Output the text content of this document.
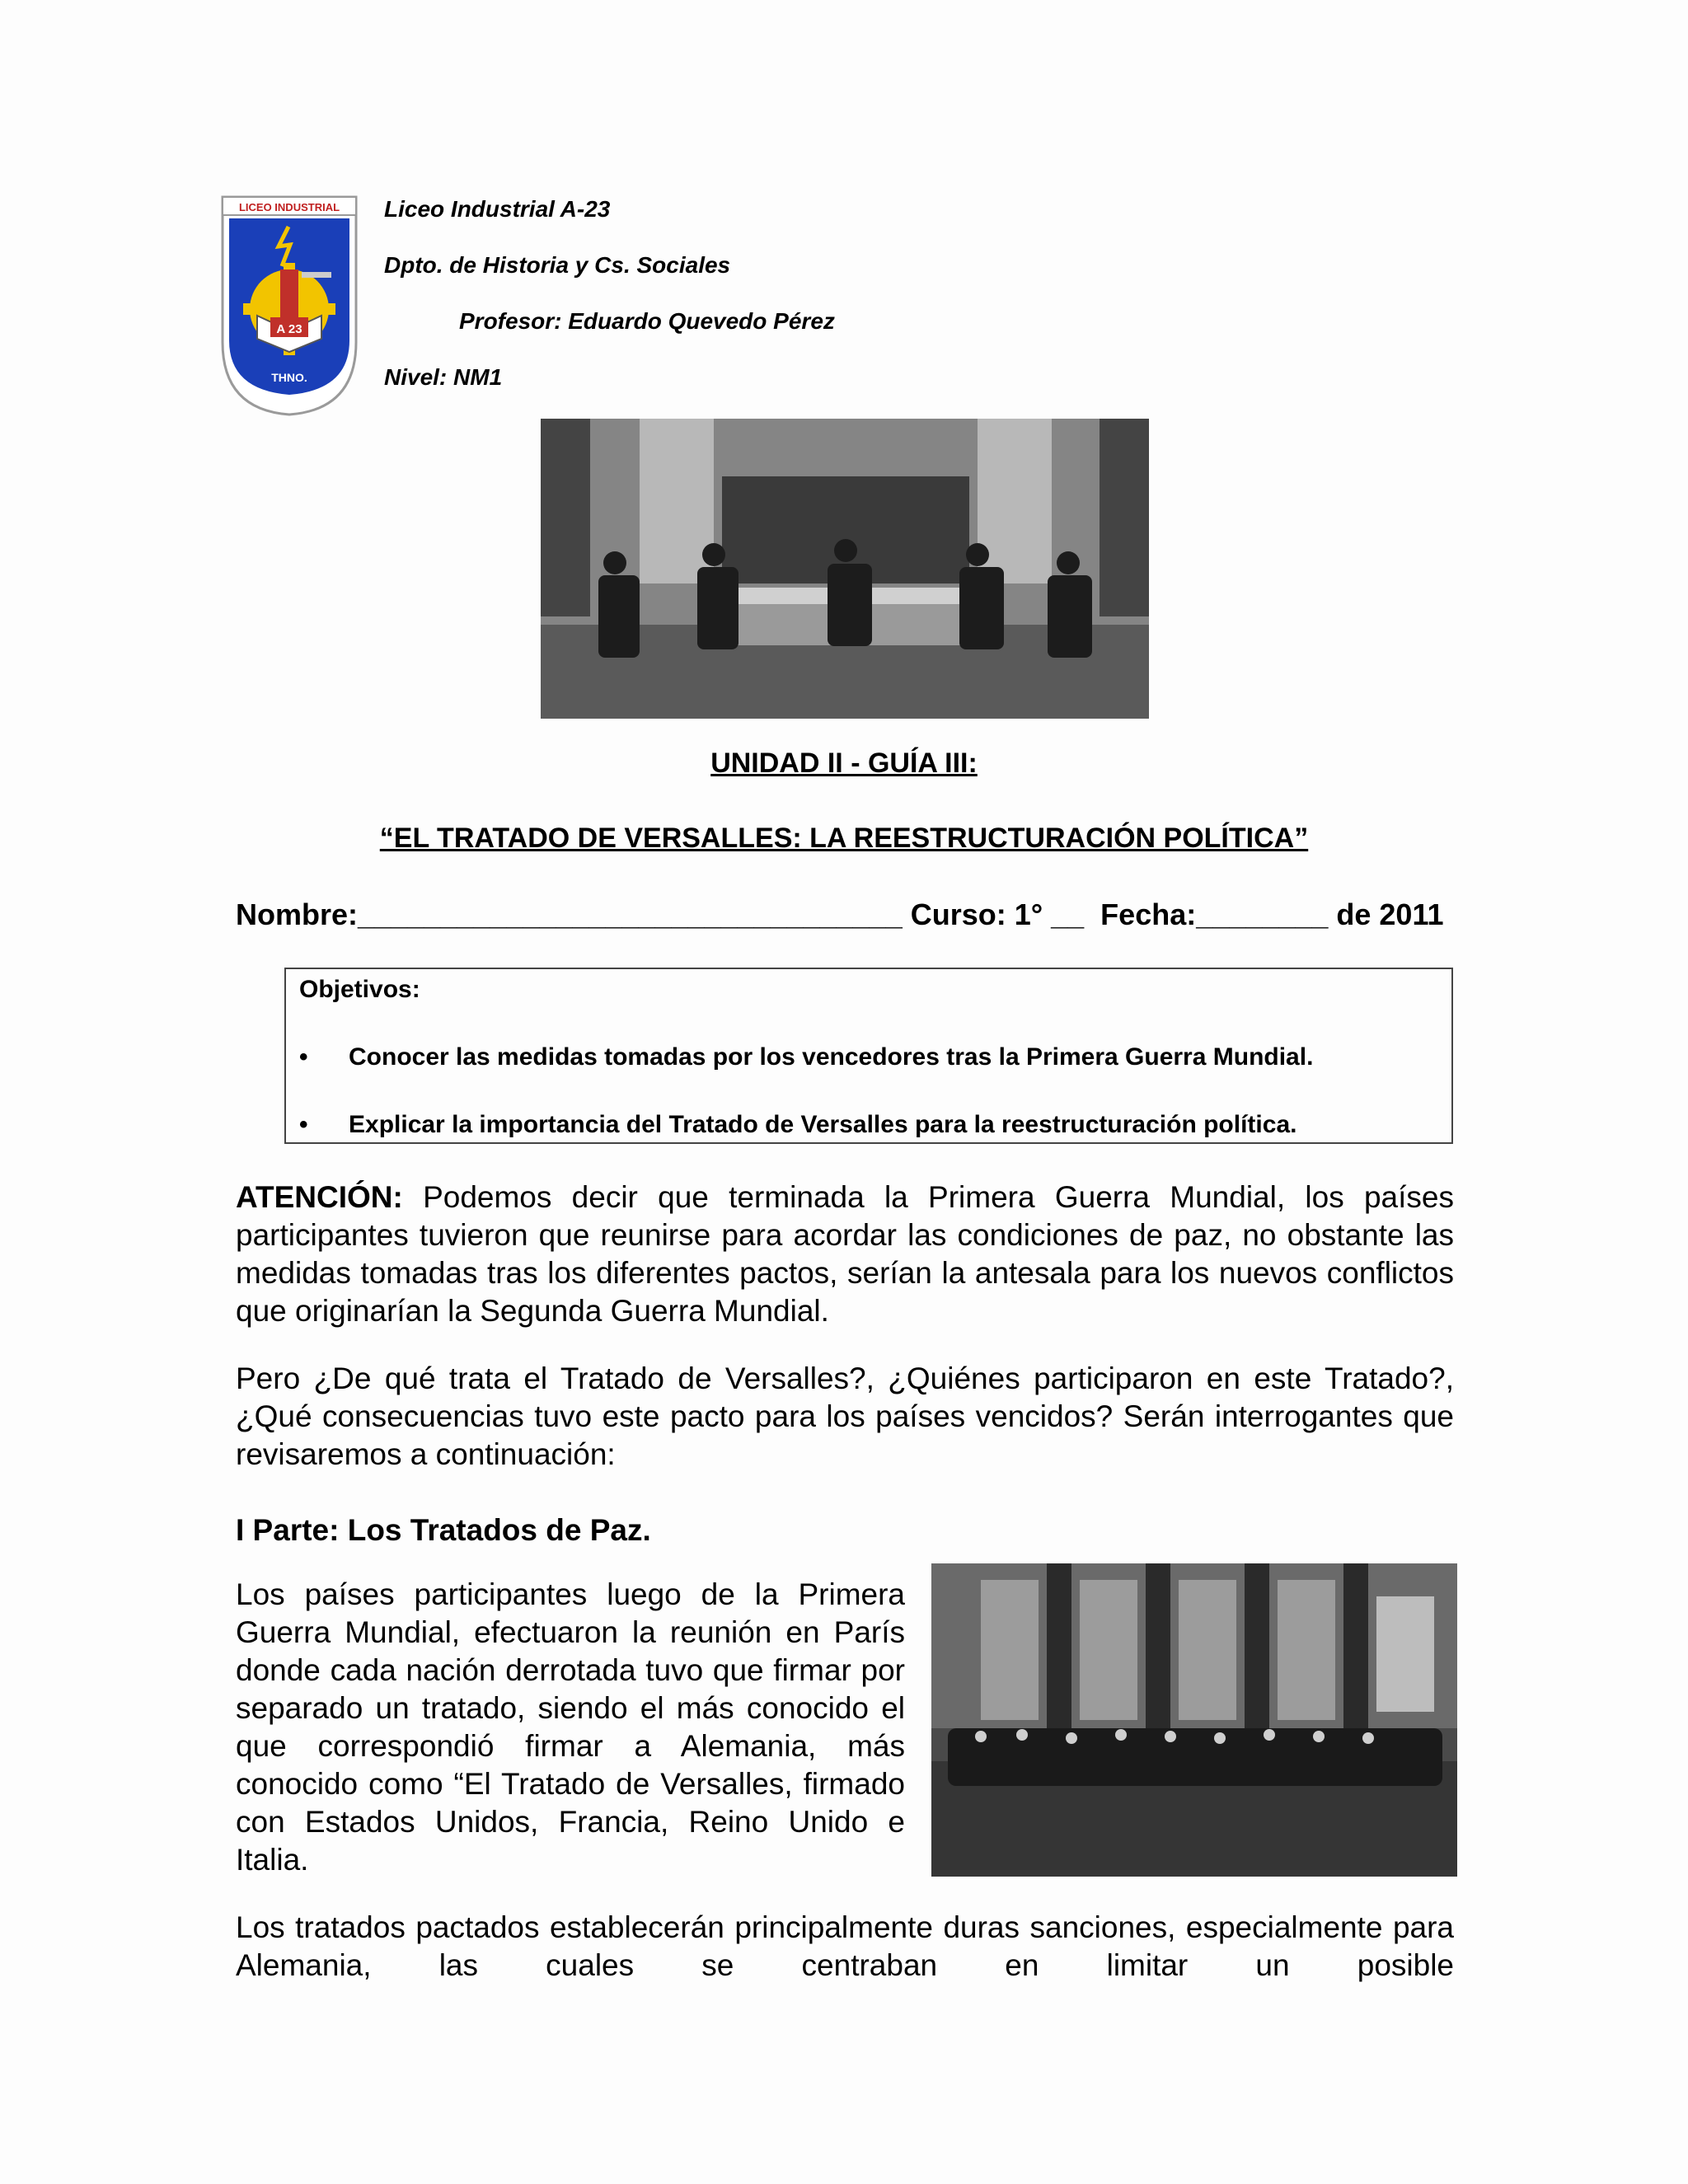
LICEO INDUSTRIAL
A 23
THNO.
Liceo Industrial A-23
Dpto. de Historia y Cs. Sociales
Profesor: Eduardo Quevedo Pérez
Nivel: NM1
UNIDAD II - GUÍA III:
“EL TRATADO DE VERSALLES: LA REESTRUCTURACIÓN POLÍTICA”
Nombre:_________________________________ Curso: 1° __  Fecha:________ de 2011
Objetivos:
•	Conocer las medidas tomadas por los vencedores tras la Primera Guerra Mundial.
•	Explicar la importancia del Tratado de Versalles para la reestructuración política.
ATENCIÓN: Podemos decir que terminada la Primera Guerra Mundial, los países participantes tuvieron que reunirse para acordar las condiciones de paz, no obstante las medidas tomadas tras los diferentes pactos, serían la antesala para los nuevos conflictos que originarían la Segunda Guerra Mundial.
Pero ¿De qué trata el Tratado de Versalles?, ¿Quiénes participaron en este Tratado?, ¿Qué consecuencias tuvo este pacto para los países vencidos? Serán interrogantes que revisaremos a continuación:
I Parte: Los Tratados de Paz.
Los países participantes luego de la Primera Guerra Mundial, efectuaron la reunión en París donde cada nación derrotada tuvo que firmar por separado un tratado, siendo el más conocido el que correspondió firmar a Alemania, más conocido como “El Tratado de Versalles, firmado con Estados Unidos, Francia, Reino Unido e Italia.
Los tratados pactados establecerán principalmente duras sanciones, especialmente para Alemania, las cuales se centraban en limitar un posible
